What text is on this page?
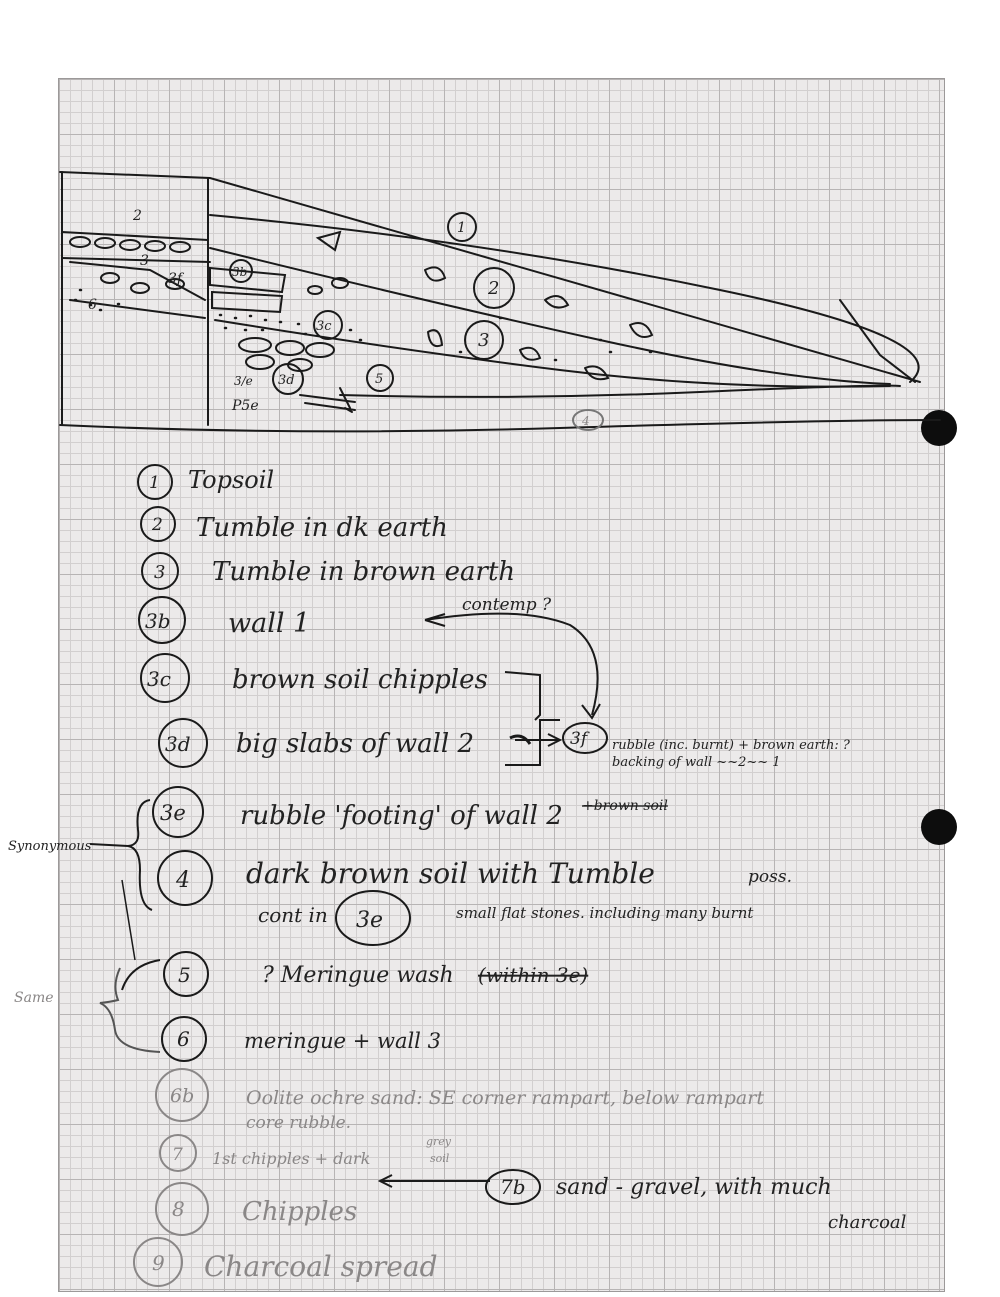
2
3
6
3f	3b
1
2
3
3c
3d	5
4
3/e
P5e
1 Topsoil
2 Tumble in dk earth
3 Tumble in brown earth
3b wall 1
contemp ?
3c brown soil chipples
3d big slabs of wall 2	3f rubble (inc. burnt) + brown earth: ?
backing of wall ~~2~~ 1
3e rubble 'footing' of wall 2 +brown soil
Synonymous
4 dark brown soil with Tumble	poss.
cont in 3e	small flat stones. including many burnt
5	? Meringue wash (within 3e)
Same
6	meringue + wall 3
6b	Oolite ochre sand: SE corner rampart, below rampart
core rubble.
7 1st chipples + dark
grey
soil
7b sand - gravel, with much
charcoal
8 Chipples
9 Charcoal spread
